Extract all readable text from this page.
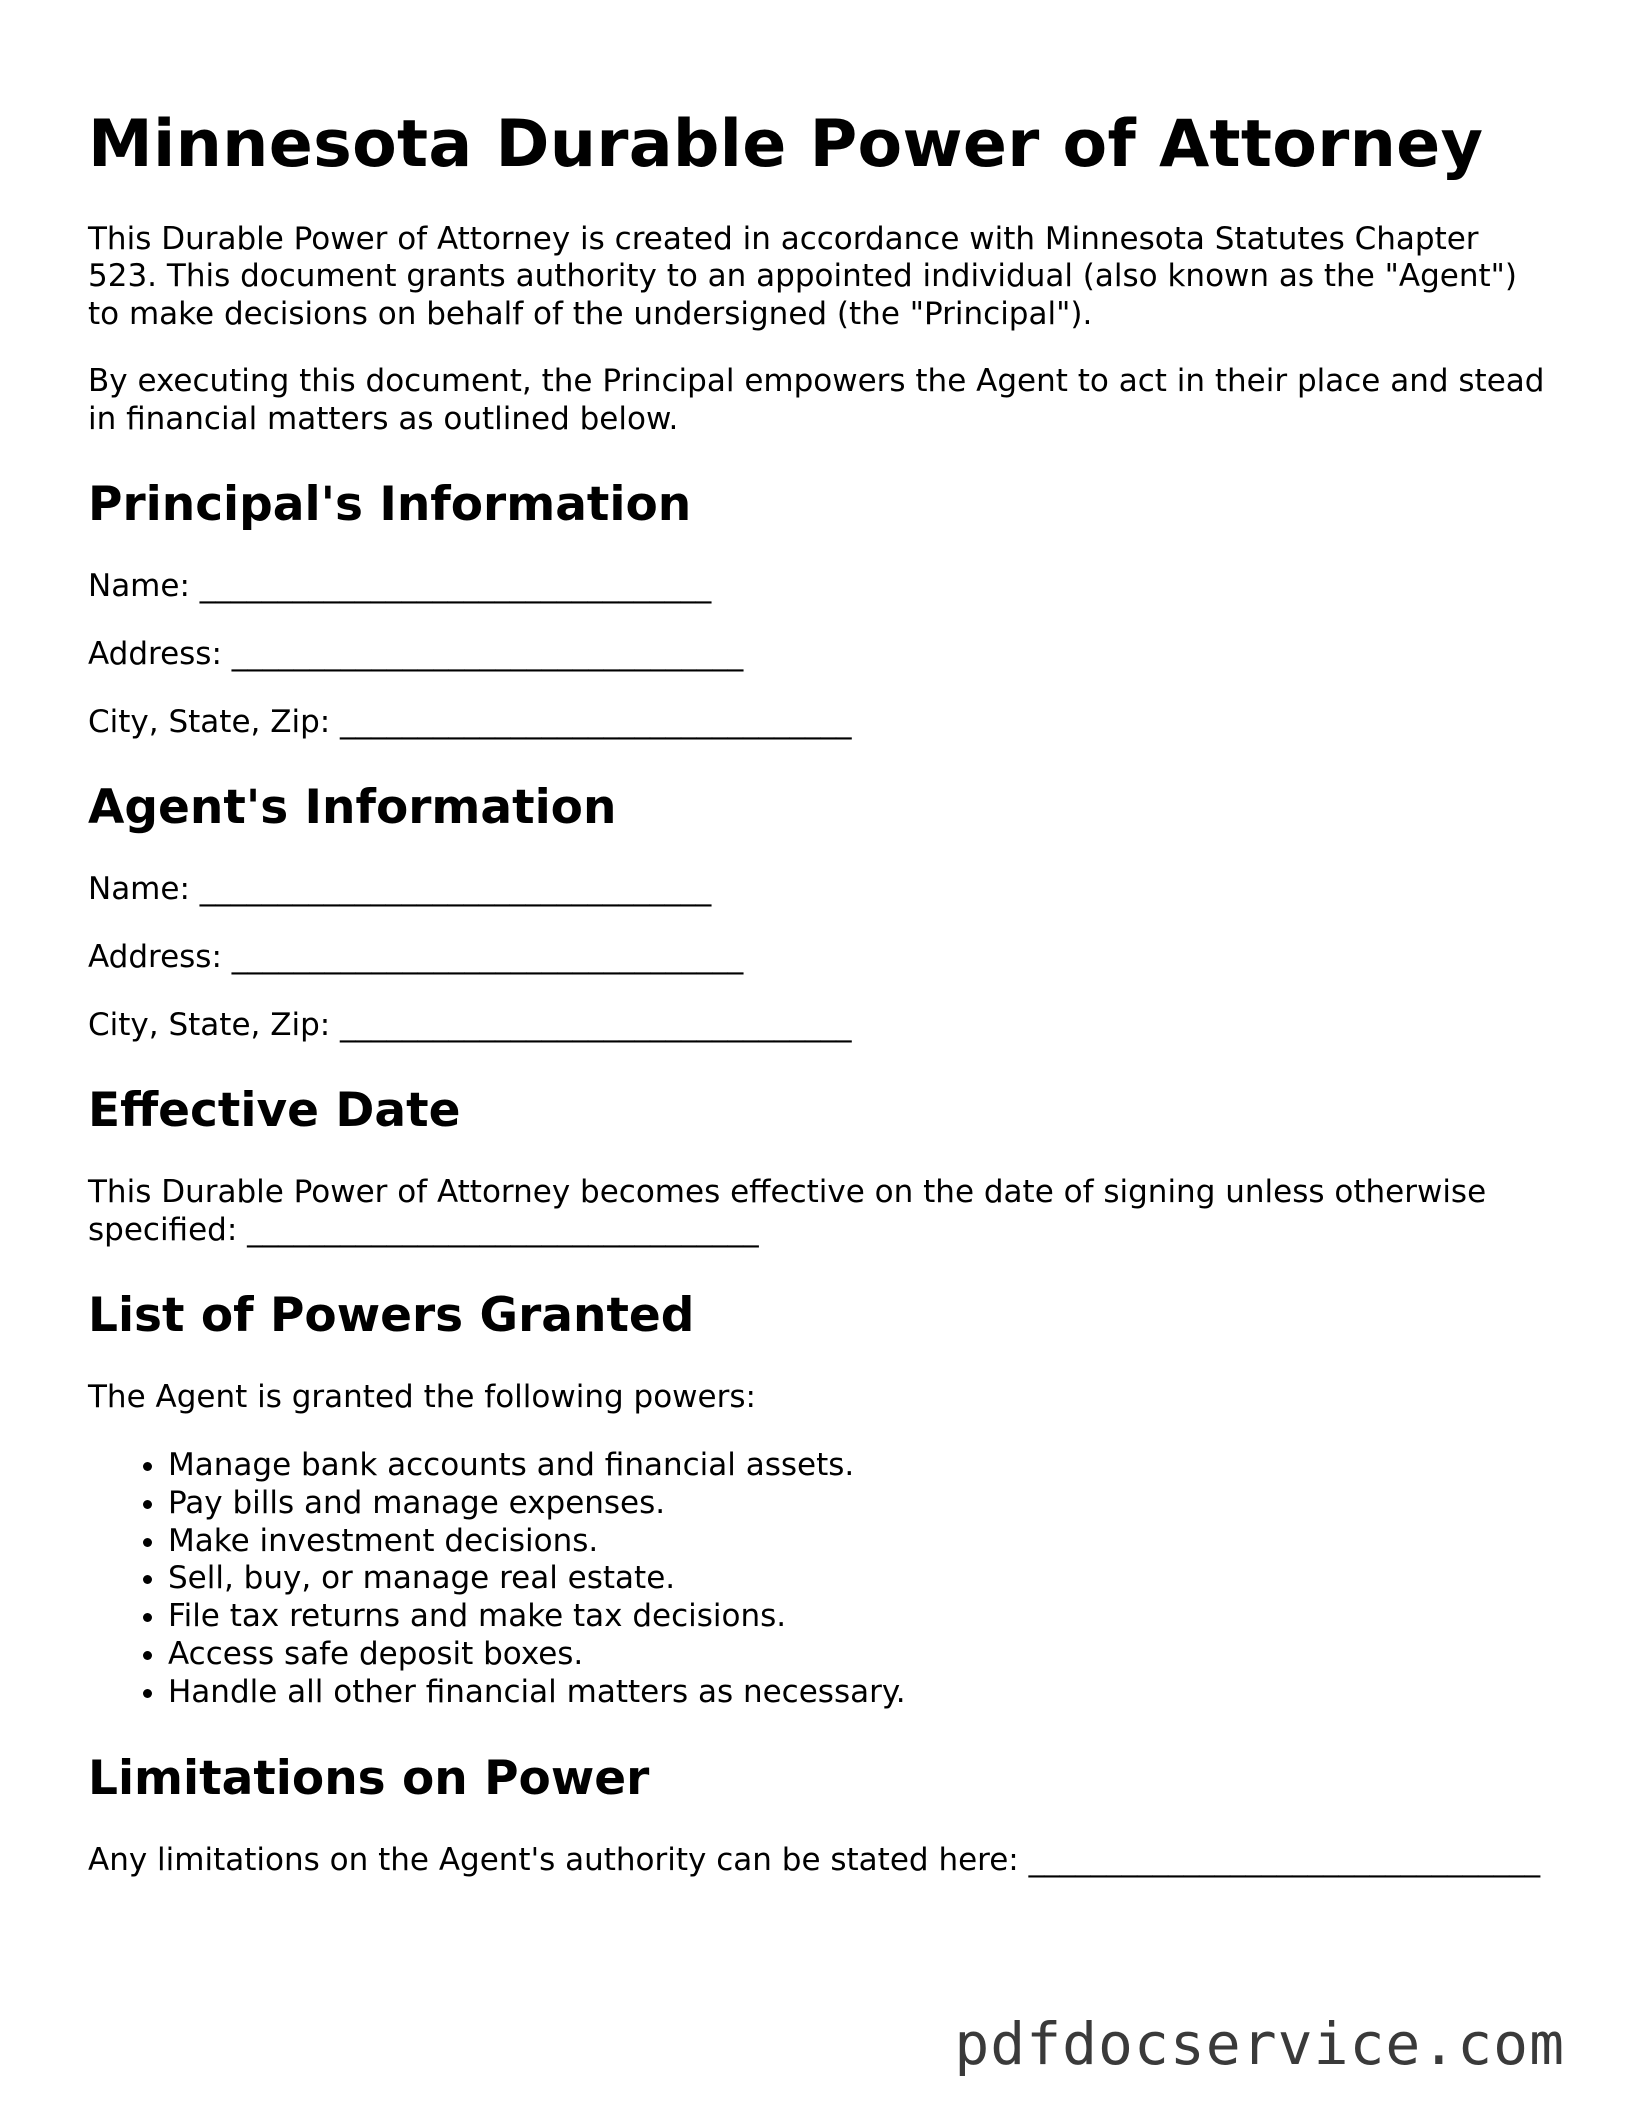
Minnesota Durable Power of Attorney

This Durable Power of Attorney is created in accordance with Minnesota Statutes Chapter 523. This document grants authority to an appointed individual (also known as the "Agent") to make decisions on behalf of the undersigned (the "Principal").

By executing this document, the Principal empowers the Agent to act in their place and stead in financial matters as outlined below.

Principal's Information

Name: _________________________________

Address: _________________________________

City, State, Zip: _________________________________

Agent's Information

Name: _________________________________

Address: _________________________________

City, State, Zip: _________________________________

Effective Date

This Durable Power of Attorney becomes effective on the date of signing unless otherwise specified: _________________________________

List of Powers Granted

The Agent is granted the following powers:

• Manage bank accounts and financial assets.
• Pay bills and manage expenses.
• Make investment decisions.
• Sell, buy, or manage real estate.
• File tax returns and make tax decisions.
• Access safe deposit boxes.
• Handle all other financial matters as necessary.
Limitations on Power

Any limitations on the Agent's authority can be stated here: _________________________________

pdfdocservice.com
